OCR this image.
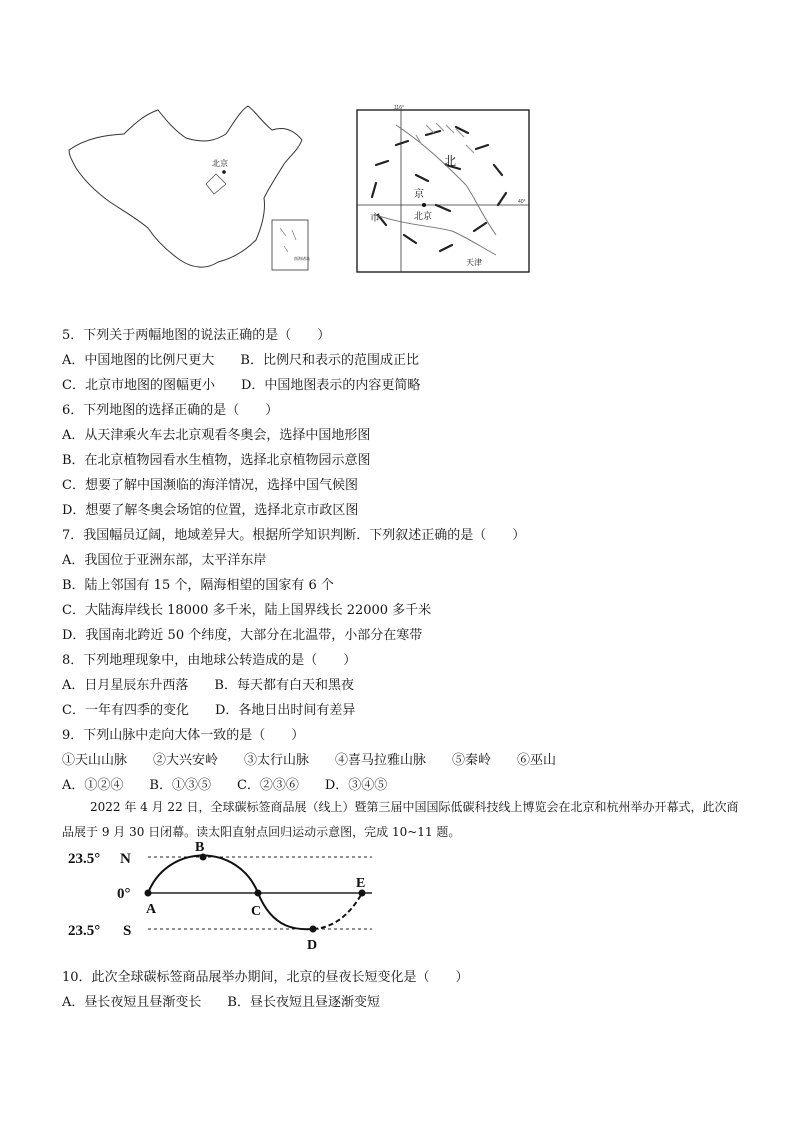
北京
南海诸岛
116°
40°
北
京
市	北京
天津
5．下列关于两幅地图的说法正确的是（　　）
A．中国地图的比例尺更大　　B．比例尺和表示的范围成正比
C．北京市地图的图幅更小　　D．中国地图表示的内容更简略
6．下列地图的选择正确的是（　　）
A．从天津乘火车去北京观看冬奥会，选择中国地形图
B．在北京植物园看水生植物，选择北京植物园示意图
C．想要了解中国濒临的海洋情况，选择中国气候图
D．想要了解冬奥会场馆的位置，选择北京市政区图
7．我国幅员辽阔，地域差异大。根据所学知识判断．下列叙述正确的是（　　）
A．我国位于亚洲东部，太平洋东岸
B．陆上邻国有 15 个，隔海相望的国家有 6 个
C．大陆海岸线长 18000 多千米，陆上国界线长 22000 多千米
D．我国南北跨近 50 个纬度，大部分在北温带，小部分在寒带
8．下列地理现象中，由地球公转造成的是（　　）
A．日月星辰东升西落　　B．每天都有白天和黑夜
C．一年有四季的变化　　D．各地日出时间有差异
9．下列山脉中走向大体一致的是（　　）
①天山山脉　　②大兴安岭　　③太行山脉　　④喜马拉雅山脉　　⑤秦岭　　⑥巫山
A．①②④　　B．①③⑤　　C．②③⑥　　D．③④⑤
2022 年 4 月 22 日，全球碳标签商品展（线上）暨第三届中国国际低碳科技线上博览会在北京和杭州举办开幕式，此次商品展于 9 月 30 日闭幕。读太阳直射点回归运动示意图，完成 10~11 题。
23.5° N
0°
23.5° S
A
B
C
D
E
10．此次全球碳标签商品展举办期间，北京的昼夜长短变化是（　　）
A．昼长夜短且昼渐变长　　B．昼长夜短且昼逐渐变短
